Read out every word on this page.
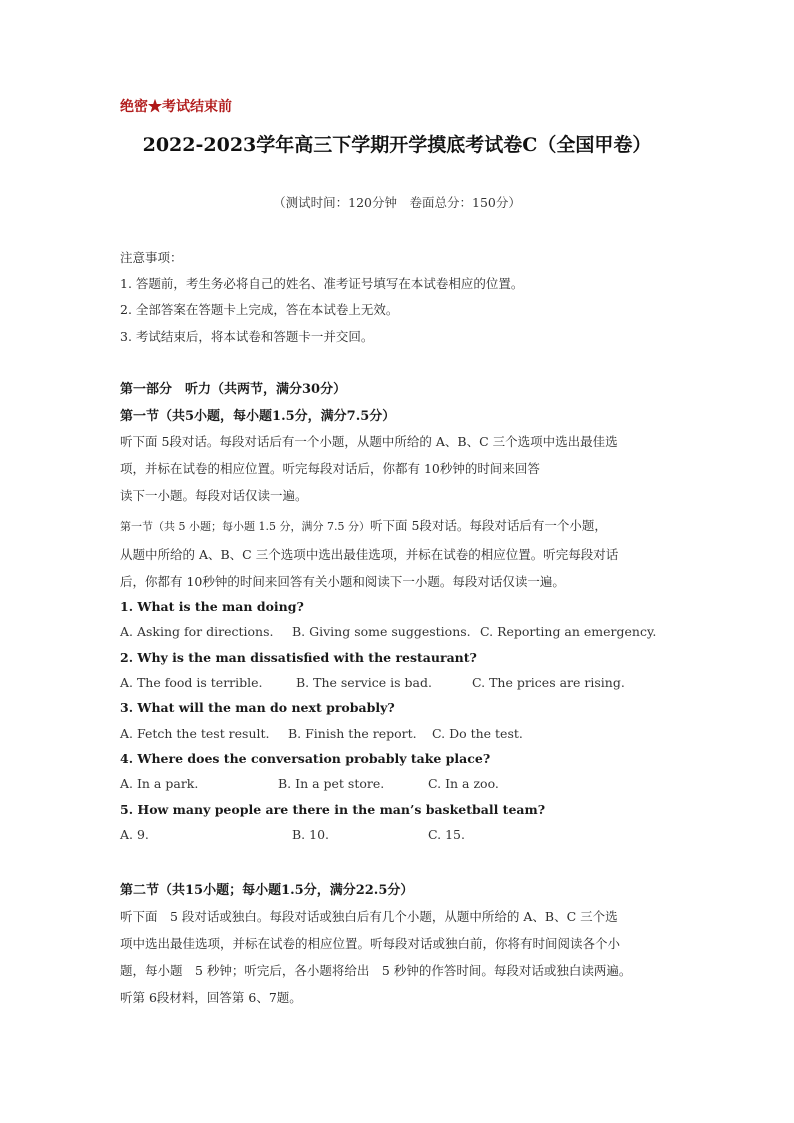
绝密★考试结束前
2022-2023学年高三下学期开学摸底考试卷C（全国甲卷）
（测试时间：120分钟　卷面总分：150分）
注意事项：
1. 答题前，考生务必将自己的姓名、准考证号填写在本试卷相应的位置。
2. 全部答案在答题卡上完成，答在本试卷上无效。
3. 考试结束后，将本试卷和答题卡一并交回。
第一部分　听力（共两节，满分30分）
第一节（共5小题，每小题1.5分，满分7.5分）
听下面 5段对话。每段对话后有一个小题，从题中所给的 A、B、C 三个选项中选出最佳选
项，并标在试卷的相应位置。听完每段对话后，你都有 10秒钟的时间来回答
读下一小题。每段对话仅读一遍。
第一节（共 5 小题；每小题 1.5 分，满分 7.5 分）听下面 5段对话。每段对话后有一个小题，
从题中所给的 A、B、C 三个选项中选出最佳选项，并标在试卷的相应位置。听完每段对话
后，你都有 10秒钟的时间来回答有关小题和阅读下一小题。每段对话仅读一遍。
1. What is the man doing?
A. Asking for directions. B. Giving some suggestions. C. Reporting an emergency.
2. Why is the man dissatisfied with the restaurant?
A. The food is terrible.	B. The service is bad.	C. The prices are rising.
3. What will the man do next probably?
A. Fetch the test result. B. Finish the report. C. Do the test.
4. Where does the conversation probably take place?
A. In a park.	B. In a pet store.	C. In a zoo.
5. How many people are there in the man’s basketball team?
A. 9.	B. 10.	C. 15.
第二节（共15小题；每小题1.5分，满分22.5分）
听下面　5 段对话或独白。每段对话或独白后有几个小题，从题中所给的 A、B、C 三个选
项中选出最佳选项，并标在试卷的相应位置。听每段对话或独白前，你将有时间阅读各个小
题，每小题　5 秒钟；听完后，各小题将给出　5 秒钟的作答时间。每段对话或独白读两遍。
听第 6段材料，回答第 6、7题。
